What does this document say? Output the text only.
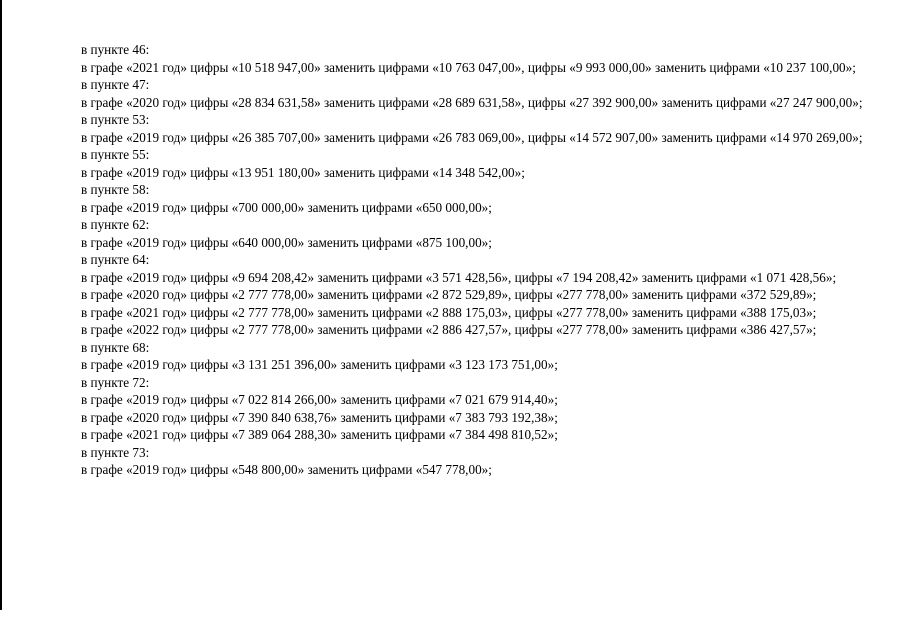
в пункте 46:

в графе «2021 год» цифры «10 518 947,00» заменить цифрами «10 763 047,00», цифры «9 993 000,00» заменить цифрами «10 237 100,00»;

в пункте 47:

в графе «2020 год» цифры «28 834 631,58» заменить цифрами «28 689 631,58», цифры «27 392 900,00» заменить цифрами «27 247 900,00»;

в пункте 53:

в графе «2019 год» цифры «26 385 707,00» заменить цифрами «26 783 069,00», цифры «14 572 907,00» заменить цифрами «14 970 269,00»;

в пункте 55:

в графе «2019 год» цифры «13 951 180,00» заменить цифрами «14 348 542,00»;

в пункте 58:

в графе «2019 год» цифры «700 000,00» заменить цифрами «650 000,00»;

в пункте 62:

в графе «2019 год» цифры «640 000,00» заменить цифрами «875 100,00»;

в пункте 64:

в графе «2019 год» цифры «9 694 208,42» заменить цифрами «3 571 428,56», цифры «7 194 208,42» заменить цифрами «1 071 428,56»;

в графе «2020 год» цифры «2 777 778,00» заменить цифрами «2 872 529,89», цифры «277 778,00» заменить цифрами «372 529,89»;

в графе «2021 год» цифры «2 777 778,00» заменить цифрами «2 888 175,03», цифры «277 778,00» заменить цифрами «388 175,03»;

в графе «2022 год» цифры «2 777 778,00» заменить цифрами «2 886 427,57», цифры «277 778,00» заменить цифрами «386 427,57»;

в пункте 68:

в графе «2019 год» цифры «3 131 251 396,00» заменить цифрами «3 123 173 751,00»;

в пункте 72:

в графе «2019 год» цифры «7 022 814 266,00» заменить цифрами «7 021 679 914,40»;

в графе «2020 год» цифры «7 390 840 638,76» заменить цифрами «7 383 793 192,38»;

в графе «2021 год» цифры «7 389 064 288,30» заменить цифрами «7 384 498 810,52»;

в пункте 73:

в графе «2019 год» цифры «548 800,00» заменить цифрами «547 778,00»;
